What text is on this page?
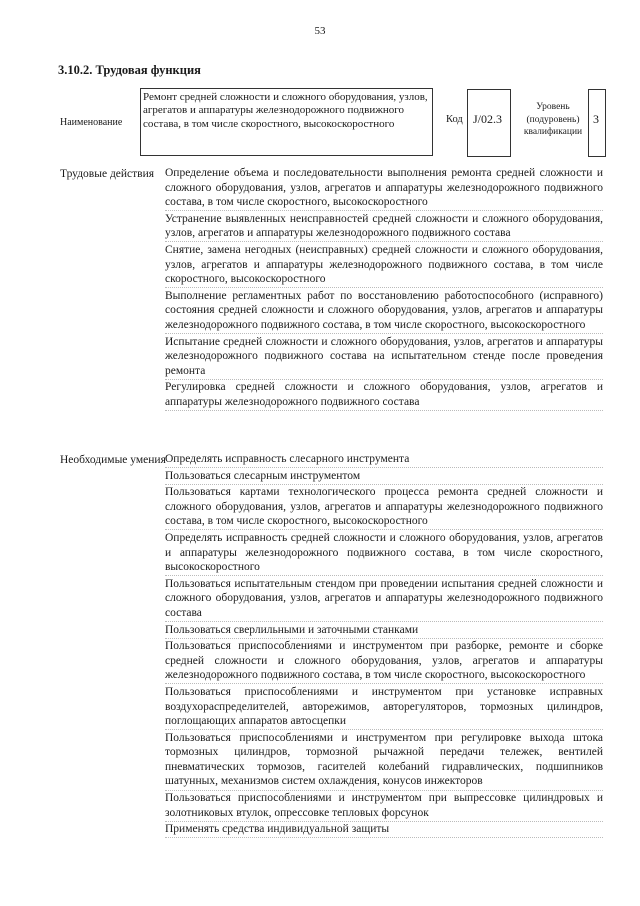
53
3.10.2. Трудовая функция
Наименование
Ремонт средней сложности и сложного оборудования, узлов, агрегатов и аппаратуры железнодорожного подвижного состава, в том числе скоростного, высокоскоростного	Код J/02.3
Уровень (подуровень) квалификации
3
Трудовые действия Определение объема и последовательности выполнения ремонта средней сложности и сложного оборудования, узлов, агрегатов и аппаратуры железнодорожного подвижного состава, в том числе скоростного, высокоскоростного
Устранение выявленных неисправностей средней сложности и сложного оборудования, узлов, агрегатов и аппаратуры железнодорожного подвижного состава
Снятие, замена негодных (неисправных) средней сложности и сложного оборудования, узлов, агрегатов и аппаратуры железнодорожного подвижного состава, в том числе скоростного, высокоскоростного
Выполнение регламентных работ по восстановлению работоспособного (исправного) состояния средней сложности и сложного оборудования, узлов, агрегатов и аппаратуры железнодорожного подвижного состава, в том числе скоростного, высокоскоростного
Испытание средней сложности и сложного оборудования, узлов, агрегатов и аппаратуры железнодорожного подвижного состава на испытательном стенде после проведения ремонта
Регулировка средней сложности и сложного оборудования, узлов, агрегатов и аппаратуры железнодорожного подвижного состава
Необходимые умения Определять исправность слесарного инструмента
Пользоваться слесарным инструментом
Пользоваться картами технологического процесса ремонта средней сложности и сложного оборудования, узлов, агрегатов и аппаратуры железнодорожного подвижного состава, в том числе скоростного, высокоскоростного
Определять исправность средней сложности и сложного оборудования, узлов, агрегатов и аппаратуры железнодорожного подвижного состава, в том числе скоростного, высокоскоростного
Пользоваться испытательным стендом при проведении испытания средней сложности и сложного оборудования, узлов, агрегатов и аппаратуры железнодорожного подвижного состава
Пользоваться сверлильными и заточными станками
Пользоваться приспособлениями и инструментом при разборке, ремонте и сборке средней сложности и сложного оборудования, узлов, агрегатов и аппаратуры железнодорожного подвижного состава, в том числе скоростного, высокоскоростного
Пользоваться приспособлениями и инструментом при установке исправных воздухораспределителей, авторежимов, авторегуляторов, тормозных цилиндров, поглощающих аппаратов автосцепки
Пользоваться приспособлениями и инструментом при регулировке выхода штока тормозных цилиндров, тормозной рычажной передачи тележек, вентилей пневматических тормозов, гасителей колебаний гидравлических, подшипников шатунных, механизмов систем охлаждения, конусов инжекторов
Пользоваться приспособлениями и инструментом при выпрессовке цилиндровых и золотниковых втулок, опрессовке тепловых форсунок
Применять средства индивидуальной защиты
